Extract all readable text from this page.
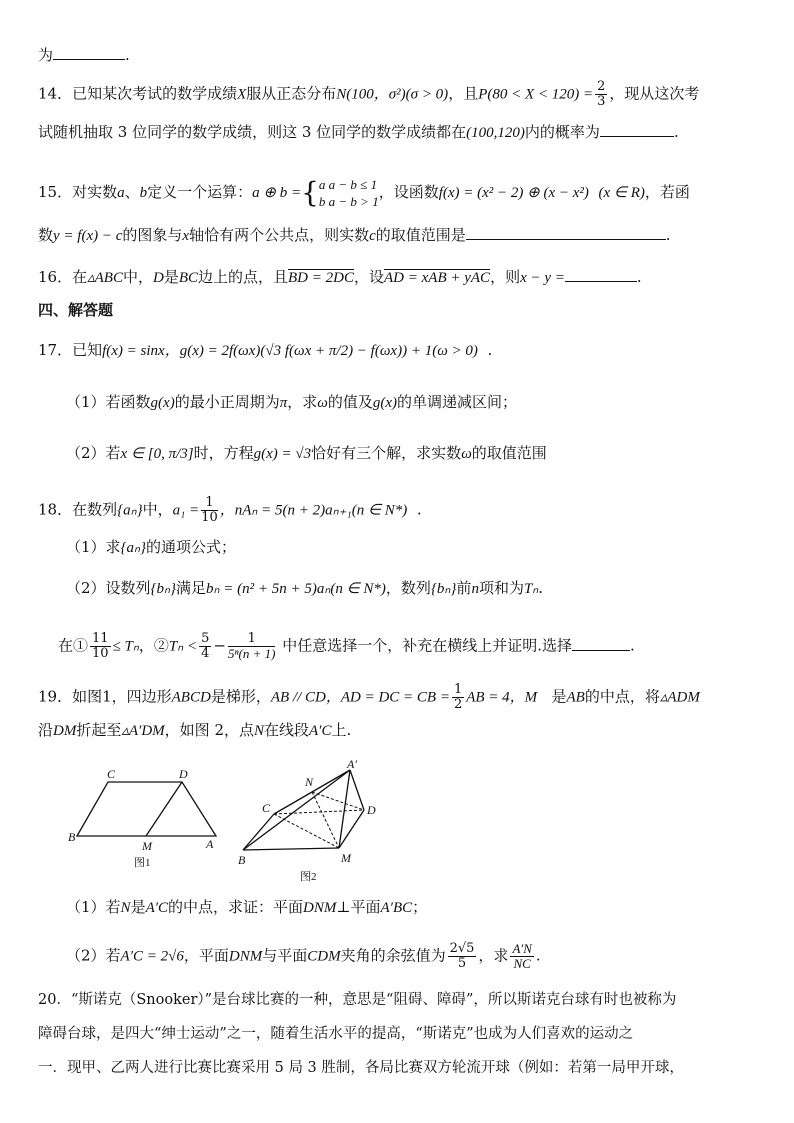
为	.
14．已知某次考试的数学成绩X服从正态分布N(100，σ²)(σ > 0)，且$P(80 < X < 120) = \frac{2}{3}$ ，现从这次考
试随机抽取 3 位同学的数学成绩，则这 3 位同学的数学成绩都在(100,120)内的概率为	.
15．对实数a、b定义一个运算：a ⊕ b ={ a a − b ≤ 1
b a − b > 1
，设函数f(x) = (x² − 2) ⊕ (x − x²) (x ∈ R)，若函
数y = f(x) − c的图象与x轴恰有两个公共点，则实数c的取值范围是	.
16．在▵ABC中，D是BC边上的点，且BD = 2DC，设AD = xAB + yAC，则x − y =	.
四、解答题
17．已知f(x) = sinx，g(x) = 2f(ωx)(√3 f(ωx + π/2) − f(ωx)) + 1(ω > 0) .
（1）若函数g(x)的最小正周期为π，求ω的值及g(x)的单调递减区间；
（2）若x ∈ [0, π/3]时，方程g(x) = √3恰好有三个解，求实数ω的取值范围
18．在数列{aₙ}中，$a_1 = \frac{1}{10}$ ，nAₙ = 5(n + 2)aₙ₊₁(n ∈ N*) .
（1）求{aₙ}的通项公式；
（2）设数列{bₙ}满足bₙ = (n² + 5n + 5)aₙ(n ∈ N*)，数列{bₙ}前n项和为Tₙ.
在① $\frac{11}{10} \le T_n$，②Tₙ < $\frac{5}{4} - \frac{1}{\text{5ⁿ(n + 1)}}$ 中任意选择一个，补充在横线上并证明.选择	.
19．如图1，四边形ABCD是梯形，AB // CD，AD = DC = CB = $\frac{1}{2}$ AB = 4，M 是AB的中点，将▵ADM
沿DM折起至▵A′DM，如图 2，点N在线段A′C上.
C	D
B
M	A
图1
A′
N
C	D
B	M
图2
（1）若N是A′C的中点，求证：平面DNM⊥平面A′BC；
（2）若A′C = 2√6，平面DNM与平面CDM夹角的余弦值为 $\frac{2√5}{5}$ ，求 $\frac{A'N}{NC}$ .
20．“斯诺克（Snooker）”是台球比赛的一种，意思是“阻碍、障碍”，所以斯诺克台球有时也被称为
障碍台球，是四大“绅士运动”之一，随着生活水平的提高，“斯诺克”也成为人们喜欢的运动之
一．现甲、乙两人进行比赛比赛采用 5 局 3 胜制，各局比赛双方轮流开球（例如：若第一局甲开球，
